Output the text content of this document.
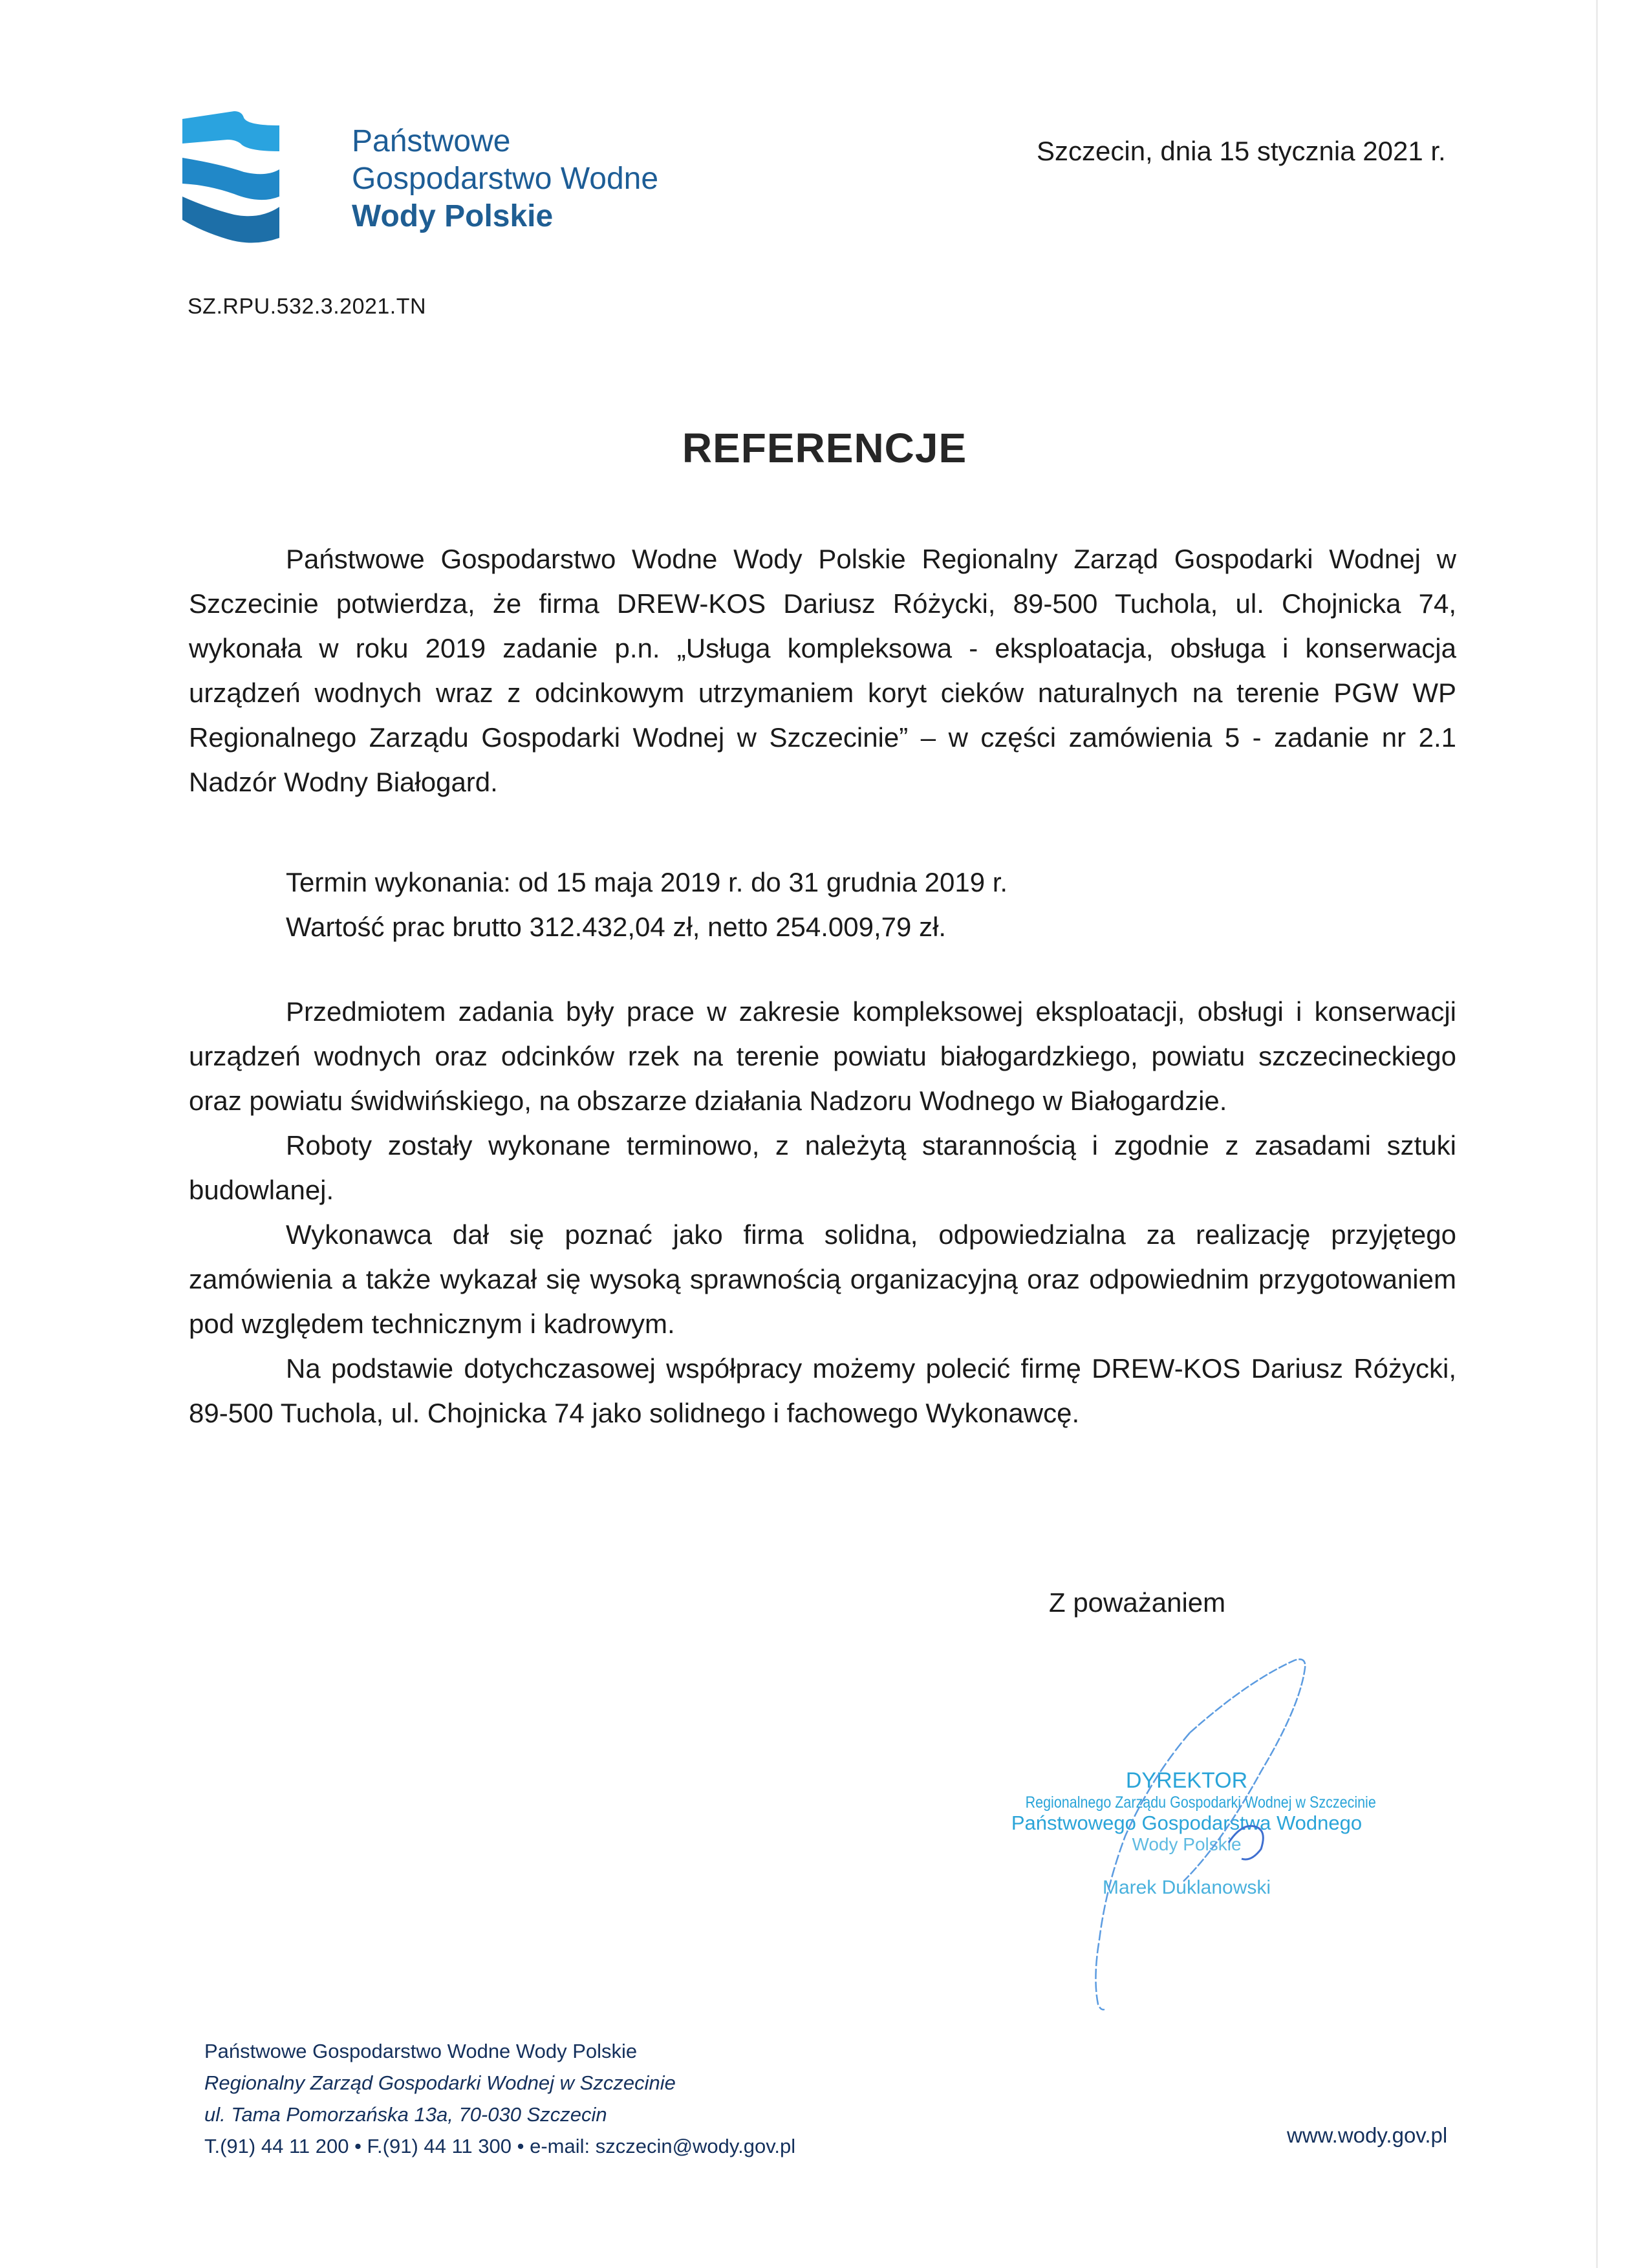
Państwowe
Gospodarstwo Wodne
Wody Polskie
Szczecin, dnia 15 stycznia 2021 r.
SZ.RPU.532.3.2021.TN
REFERENCJE

Państwowe Gospodarstwo Wodne Wody Polskie Regionalny Zarząd Gospodarki Wodnej w Szczecinie potwierdza, że firma DREW-KOS Dariusz Różycki, 89-500 Tuchola, ul. Chojnicka 74, wykonała w roku 2019 zadanie p.n. „Usługa kompleksowa - eksploatacja, obsługa i konserwacja urządzeń wodnych wraz z odcinkowym utrzymaniem koryt cieków naturalnych na terenie PGW WP Regionalnego Zarządu Gospodarki Wodnej w Szczecinie” – w części zamówienia 5 - zadanie nr 2.1 Nadzór Wodny Białogard.

Termin wykonania: od 15 maja 2019 r. do 31 grudnia 2019 r.
Wartość prac brutto 312.432,04 zł, netto 254.009,79 zł.

Przedmiotem zadania były prace w zakresie kompleksowej eksploatacji, obsługi i konserwacji urządzeń wodnych oraz odcinków rzek na terenie powiatu białogardzkiego, powiatu szczecineckiego oraz powiatu świdwińskiego, na obszarze działania Nadzoru Wodnego w Białogardzie.

Roboty zostały wykonane terminowo, z należytą starannością i zgodnie z zasadami sztuki budowlanej.

Wykonawca dał się poznać jako firma solidna, odpowiedzialna za realizację przyjętego zamówienia a także wykazał się wysoką sprawnością organizacyjną oraz odpowiednim przygotowaniem pod względem technicznym i kadrowym.

Na podstawie dotychczasowej współpracy możemy polecić firmę DREW-KOS Dariusz Różycki, 89-500 Tuchola, ul. Chojnicka 74 jako solidnego i fachowego Wykonawcę.

Z poważaniem
DYREKTOR
Regionalnego Zarządu Gospodarki Wodnej w Szczecinie
Państwowego Gospodarstwa Wodnego
Wody Polskie
Marek Duklanowski
Państwowe Gospodarstwo Wodne Wody Polskie
Regionalny Zarząd Gospodarki Wodnej w Szczecinie
ul. Tama Pomorzańska 13a, 70-030 Szczecin
T.(91) 44 11 200 • F.(91) 44 11 300 • e-mail: szczecin@wody.gov.pl	www.wody.gov.pl
